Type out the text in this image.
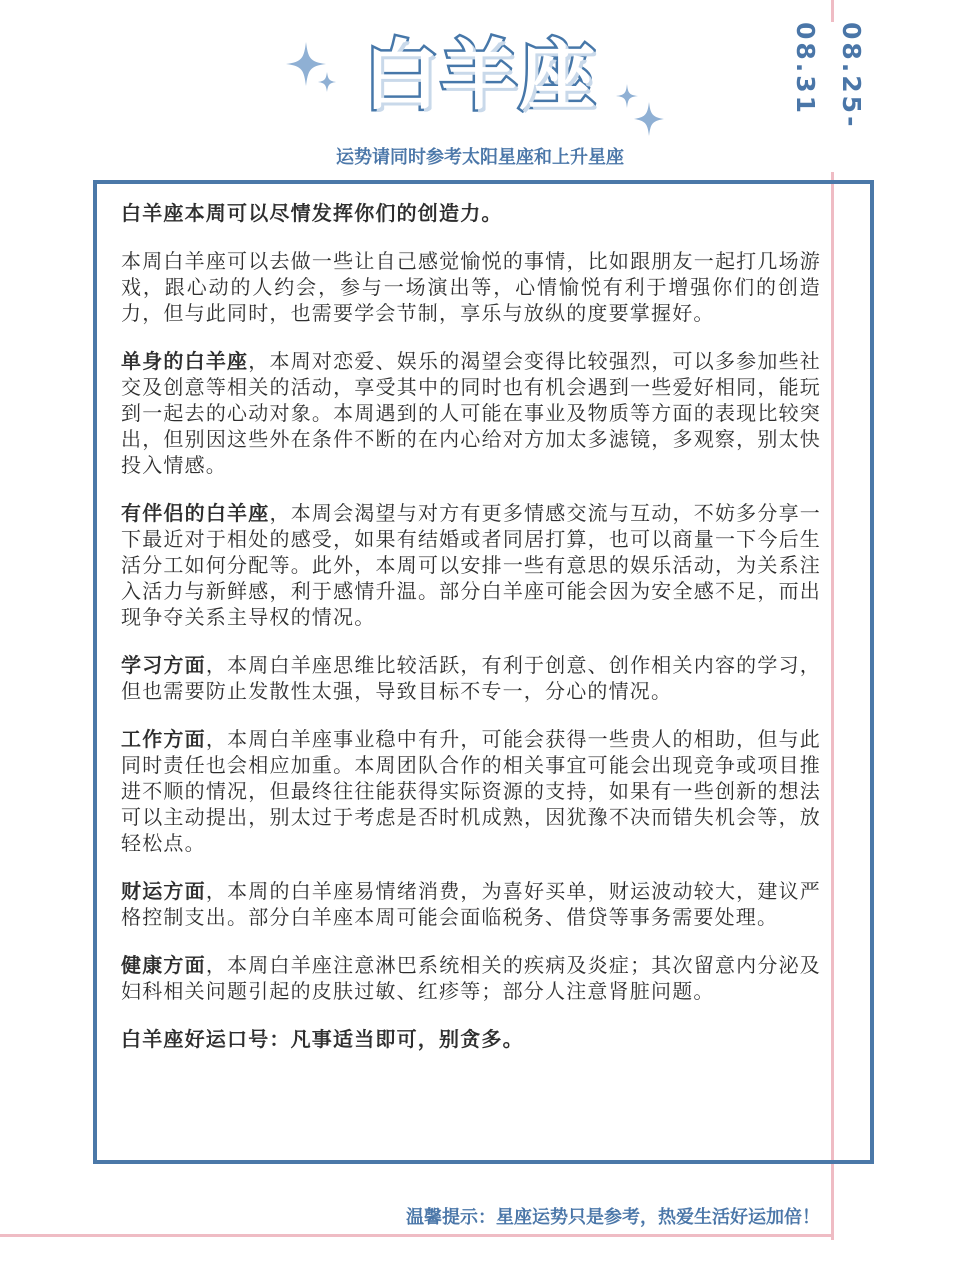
08.25-08.31
白羊座
运势请同时参考太阳星座和上升星座

白羊座本周可以尽情发挥你们的创造力。

本周白羊座可以去做一些让自己感觉愉悦的事情，比如跟朋友一起打几场游戏，跟心动的人约会，参与一场演出等，心情愉悦有利于增强你们的创造力，但与此同时，也需要学会节制，享乐与放纵的度要掌握好。

单身的白羊座，本周对恋爱、娱乐的渴望会变得比较强烈，可以多参加些社交及创意等相关的活动，享受其中的同时也有机会遇到一些爱好相同，能玩到一起去的心动对象。本周遇到的人可能在事业及物质等方面的表现比较突出，但别因这些外在条件不断的在内心给对方加太多滤镜，多观察，别太快投入情感。

有伴侣的白羊座，本周会渴望与对方有更多情感交流与互动，不妨多分享一下最近对于相处的感受，如果有结婚或者同居打算，也可以商量一下今后生活分工如何分配等。此外，本周可以安排一些有意思的娱乐活动，为关系注入活力与新鲜感，利于感情升温。部分白羊座可能会因为安全感不足，而出现争夺关系主导权的情况。

学习方面，本周白羊座思维比较活跃，有利于创意、创作相关内容的学习，但也需要防止发散性太强，导致目标不专一，分心的情况。

工作方面，本周白羊座事业稳中有升，可能会获得一些贵人的相助，但与此同时责任也会相应加重。本周团队合作的相关事宜可能会出现竞争或项目推进不顺的情况，但最终往往能获得实际资源的支持，如果有一些创新的想法可以主动提出，别太过于考虑是否时机成熟，因犹豫不决而错失机会等，放轻松点。

财运方面，本周的白羊座易情绪消费，为喜好买单，财运波动较大，建议严格控制支出。部分白羊座本周可能会面临税务、借贷等事务需要处理。

健康方面，本周白羊座注意淋巴系统相关的疾病及炎症；其次留意内分泌及妇科相关问题引起的皮肤过敏、红疹等；部分人注意肾脏问题。

白羊座好运口号：凡事适当即可，别贪多。

温馨提示：星座运势只是参考，热爱生活好运加倍！
